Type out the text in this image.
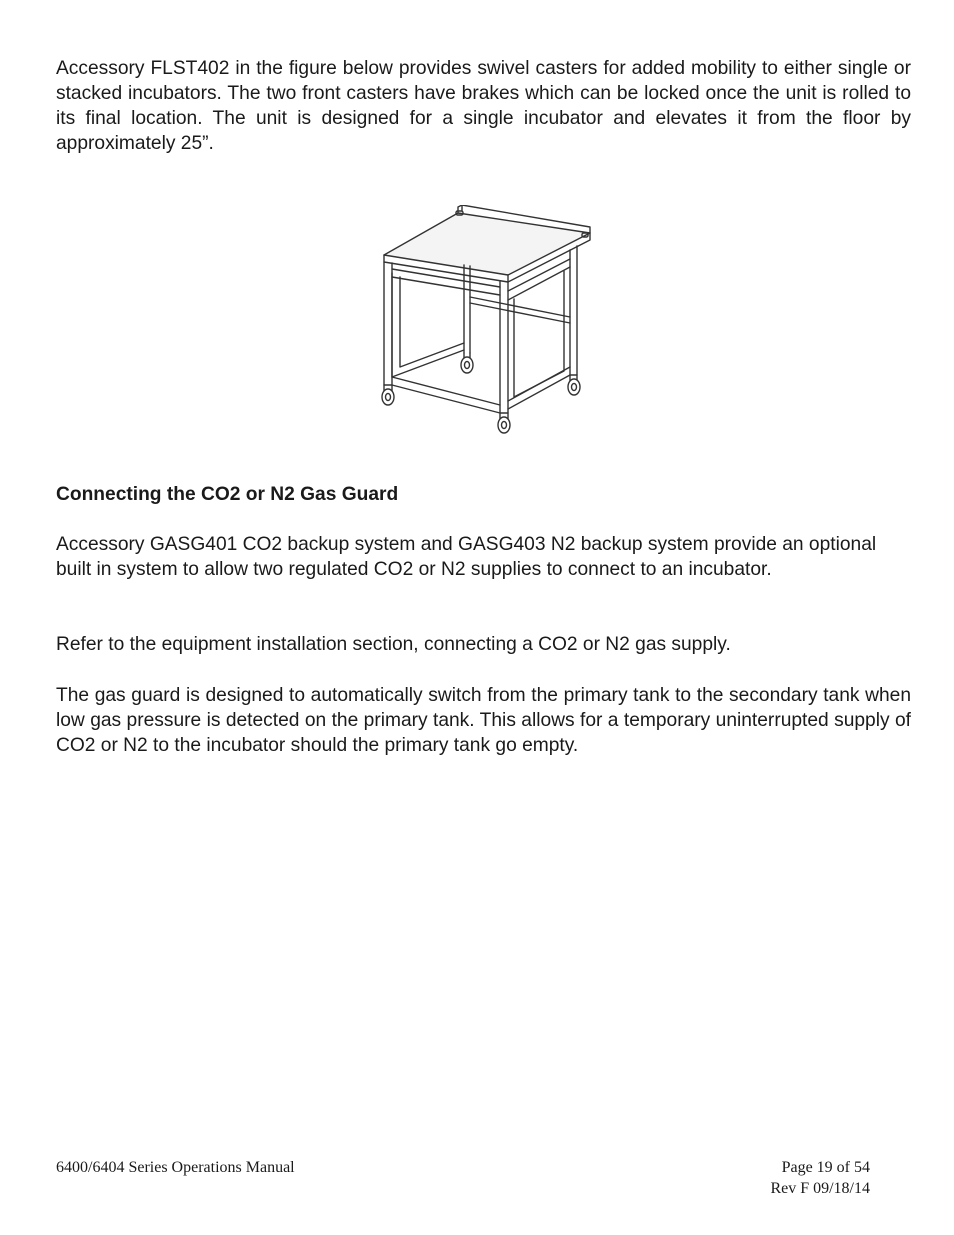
Accessory FLST402 in the figure below provides swivel casters for added mobility to either single or stacked incubators. The two front casters have brakes which can be locked once the unit is rolled to its final location. The unit is designed for a single incubator and elevates it from the floor by approximately 25”.

Connecting the CO2 or N2 Gas Guard

Accessory GASG401 CO2 backup system and GASG403 N2 backup system provide an optional built in system to allow two regulated CO2 or N2 supplies to connect to an incubator.

Refer to the equipment installation section, connecting a CO2 or N2 gas supply.

The gas guard is designed to automatically switch from the primary tank to the secondary tank when low gas pressure is detected on the primary tank. This allows for a temporary uninterrupted supply of CO2 or N2 to the incubator should the primary tank go empty.

6400/6404 Series Operations Manual	Page 19 of 54
Rev F 09/18/14
